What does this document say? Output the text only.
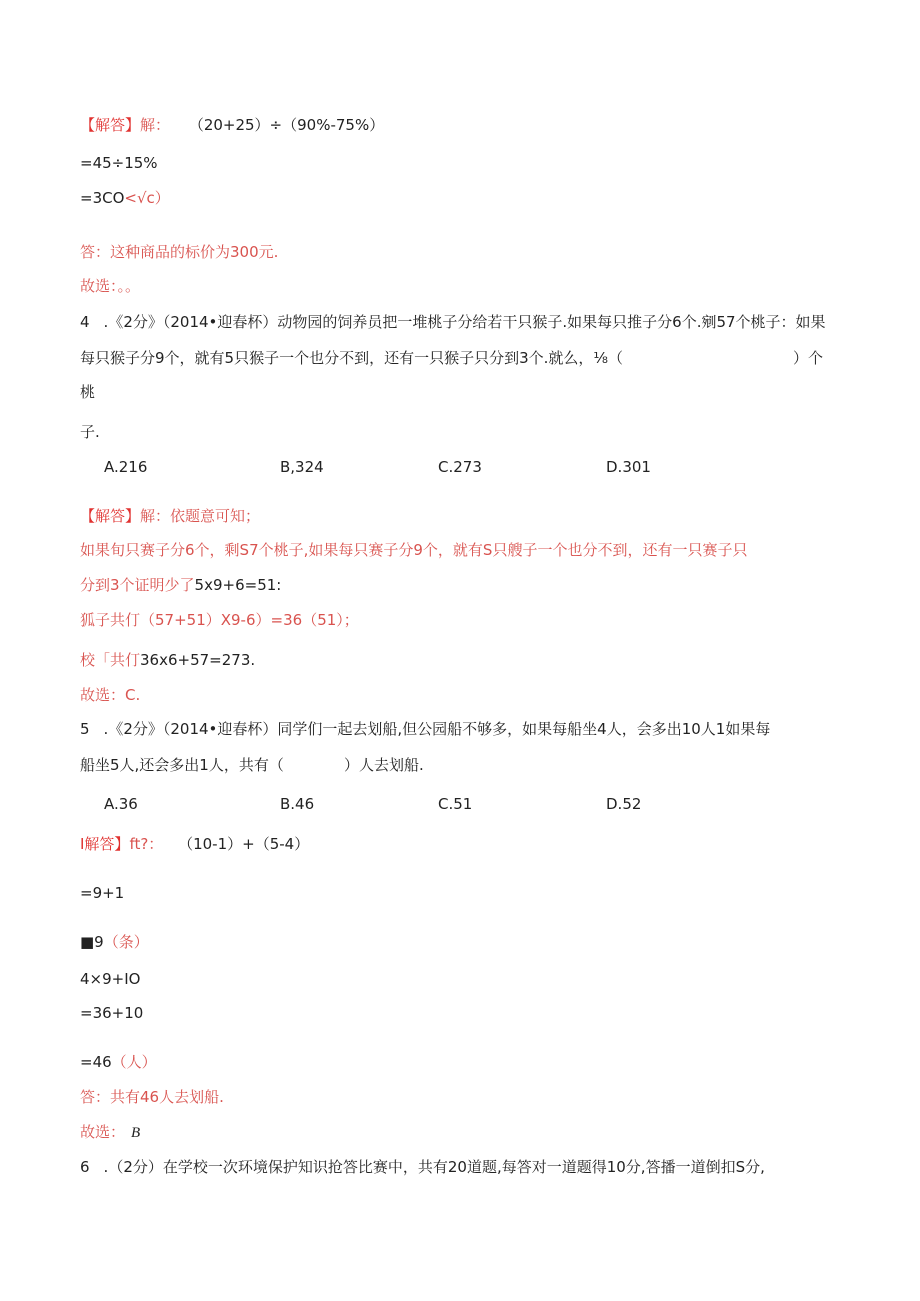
【解答】解： （20+25）÷（90%-75%）
=45÷15%
=3CO<√c）
答：这种商品的标价为300元.
故选：。。
4 .《2分》（2014•迎春杯）动物园的饲养员把一堆桃子分给若干只猴子.如果每只推子分6个.剜57个桃子：如果
每只猴子分9个，就有5只猴子一个也分不到，还有一只猴子只分到3个.就么，⅛（	）个
桃
子.
A.216	B,324	C.273	D.301
【解答】解：依题意可知；
如果旬只赛子分6个，剩S7个桃子,如果每只赛子分9个，就有S只艘子一个也分不到，还有一只赛子只
分到3个证明少了5x9+6=51:
狐子共仃（57+51）X9-6）=36（51）；
校「共仃36x6+57=273.
故选：C.
5 .《2分》（2014•迎春杯）同学们一起去划船,但公园船不够多，如果每船坐4人，会多出10人1如果每
船坐5人,还会多出1人，共有（	）人去划船.
A.36	B.46	C.51	D.52
I解答】ft?： （10-1）+（5-4）
=9+1
■9（条）
4×9+IO
=36+10
=46（人）
答：共有46人去划船.
故选： B
6 .（2分）在学校一次环境保护知识抢答比赛中，共有20道题,每答对一道题得10分,答播一道倒扣S分,
